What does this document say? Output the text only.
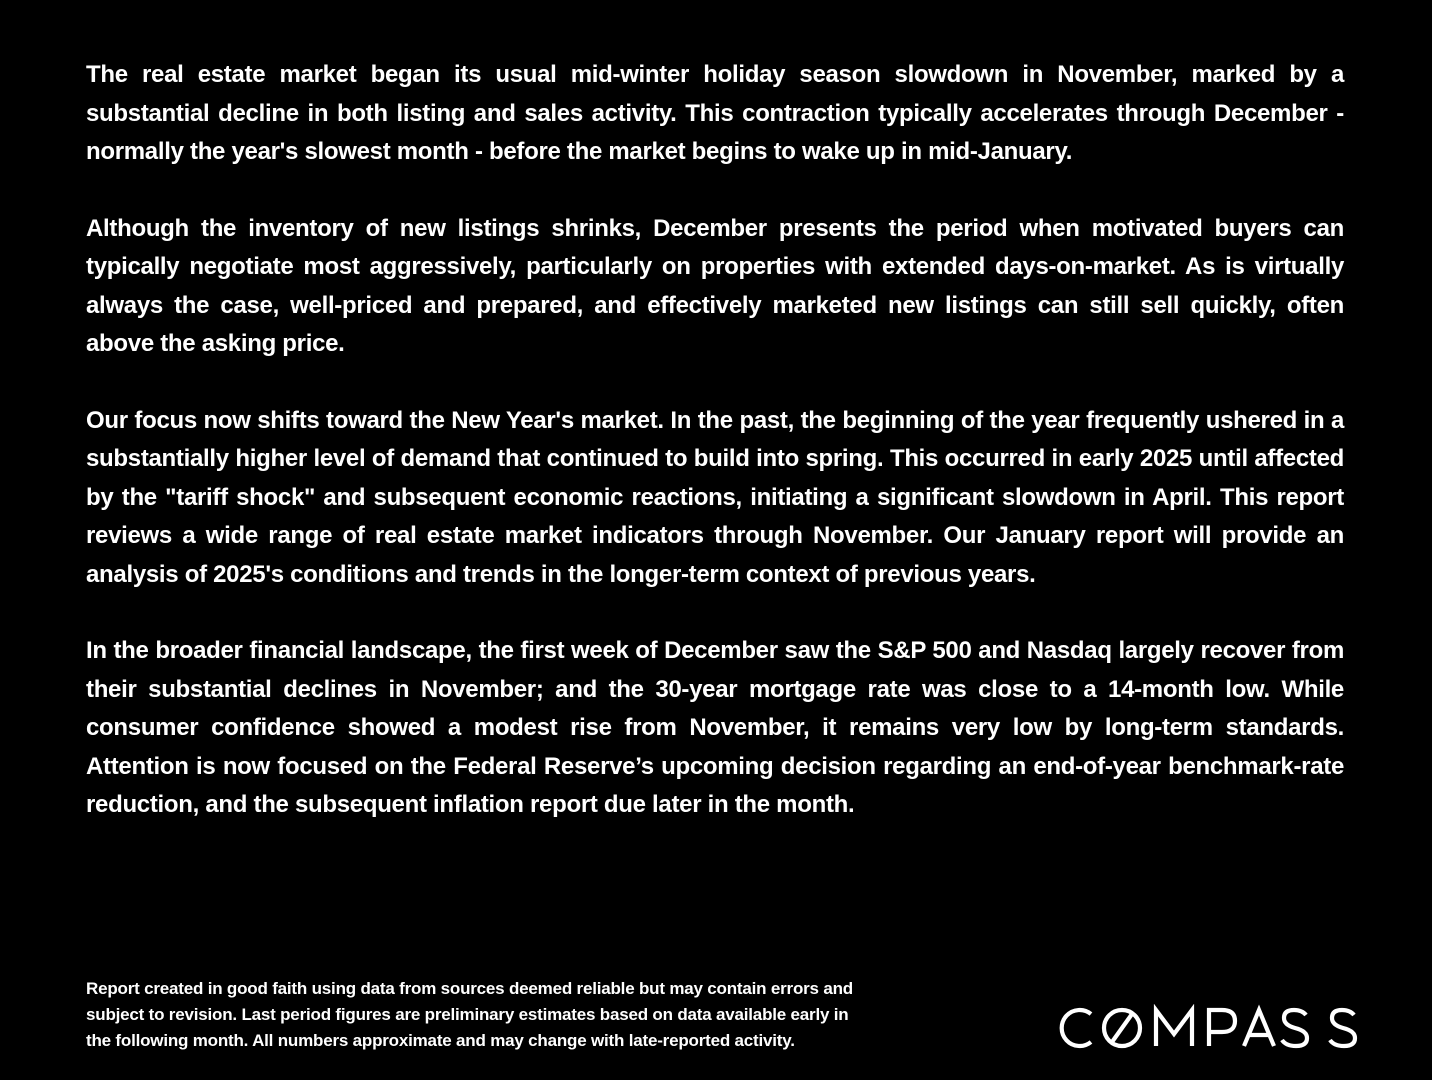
The real estate market began its usual mid-winter holiday season slowdown in November, marked by a substantial decline in both listing and sales activity. This contraction typically accelerates through December - normally the year's slowest month - before the market begins to wake up in mid-January.

Although the inventory of new listings shrinks, December presents the period when motivated buyers can typically negotiate most aggressively, particularly on properties with extended days-on-market. As is virtually always the case, well-priced and prepared, and effectively marketed new listings can still sell quickly, often above the asking price.

Our focus now shifts toward the New Year's market. In the past, the beginning of the year frequently ushered in a substantially higher level of demand that continued to build into spring. This occurred in early 2025 until affected by the "tariff shock" and subsequent economic reactions, initiating a significant slowdown in April. This report reviews a wide range of real estate market indicators through November. Our January report will provide an analysis of 2025's conditions and trends in the longer-term context of previous years.

In the broader financial landscape, the first week of December saw the S&P 500 and Nasdaq largely recover from their substantial declines in November; and the 30-year mortgage rate was close to a 14-month low. While consumer confidence showed a modest rise from November, it remains very low by long-term standards. Attention is now focused on the Federal Reserve’s upcoming decision regarding an end-of-year benchmark-rate reduction, and the subsequent inflation report due later in the month.

Report created in good faith using data from sources deemed reliable but may contain errors and
subject to revision. Last period figures are preliminary estimates based on data available early in
the following month. All numbers approximate and may change with late-reported activity.
